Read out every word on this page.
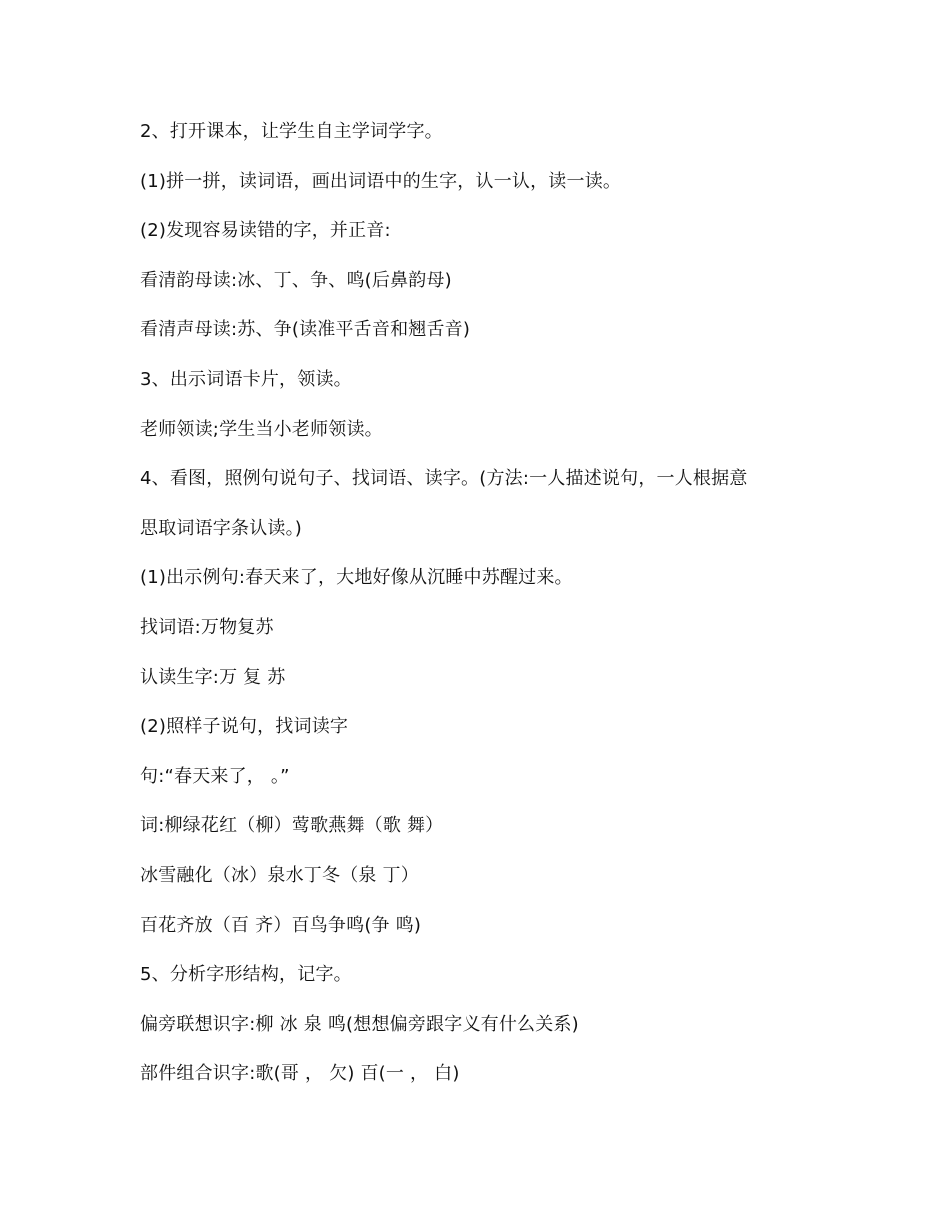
2、打开课本，让学生自主学词学字。
(1)拼一拼，读词语，画出词语中的生字，认一认，读一读。
(2)发现容易读错的字，并正音:
看清韵母读:冰、丁、争、鸣(后鼻韵母)
看清声母读:苏、争(读准平舌音和翘舌音)
3、出示词语卡片，领读。
老师领读;学生当小老师领读。
4、看图，照例句说句子、找词语、读字。(方法:一人描述说句，一人根据意
思取词语字条认读。)
(1)出示例句:春天来了，大地好像从沉睡中苏醒过来。
找词语:万物复苏
认读生字:万 复 苏
(2)照样子说句，找词读字
句:“春天来了， 。”
词:柳绿花红（柳）莺歌燕舞（歌 舞）
冰雪融化（冰）泉水丁冬（泉 丁）
百花齐放（百 齐）百鸟争鸣(争 鸣)
5、分析字形结构，记字。
偏旁联想识字:柳 冰 泉 鸣(想想偏旁跟字义有什么关系)
部件组合识字:歌(哥 ， 欠) 百(一 ， 白)
